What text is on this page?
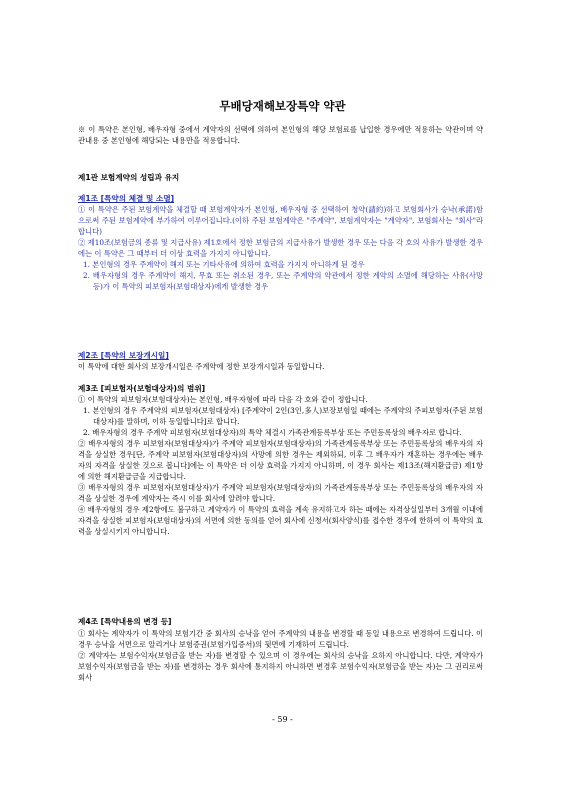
무배당재해보장특약 약관
※ 이 특약은 본인형, 배우자형 중에서 계약자의 선택에 의하여 본인형의 해당 보험료를 납입한 경우에만 적용하는 약관이며 약관내용 중 본인형에 해당되는 내용만을 적용합니다.
제1관 보험계약의 성립과 유지
제1조 [특약의 체결 및 소멸]

① 이 특약은 주된 보험계약을 체결할 때 보험계약자가 본인형, 배우자형 중 선택하여 청약(請約)하고 보험회사가 승낙(承諾)함으로써 주된 보험계약에 부가하여 이루어집니다.(이하 주된 보험계약은 "주계약", 보험계약자는 "계약자", 보험회사는 "회사"라 합니다)

② 제10조(보험금의 종류 및 지급사유) 제1호에서 정한 보험금의 지급사유가 발생한 경우 또는 다음 각 호의 사유가 발생한 경우에는 이 특약은 그 때부터 더 이상 효력을 가지지 아니합니다.

1. 본인형의 경우 주계약이 해지 또는 기타사유에 의하여 효력을 가지지 아니하게 된 경우

2. 배우자형의 경우 주계약이 해지, 무효 또는 취소된 경우, 또는 주계약의 약관에서 정한 계약의 소멸에 해당하는 사유(사망 등)가 이 특약의 피보험자(보험대상자)에게 발생한 경우

제2조 [특약의 보장개시일]

이 특약에 대한 회사의 보장개시일은 주계약에 정한 보장개시일과 동일합니다.

제3조 [피보험자(보험대상자)의 범위]

① 이 특약의 피보험자(보험대상자)는 본인형, 배우자형에 따라 다음 각 호와 같이 정합니다.

1. 본인형의 경우 주계약의 피보험자(보험대상자) [주계약이 2인(3인,多人)보장보험일 때에는 주계약의 주피보험자(주된 보험대상자)를 말하며, 이하 동일합니다]로 합니다.

2. 배우자형의 경우 주계약 피보험자(보험대상자)의 특약 체결시 가족관계등록부상 또는 주민등록상의 배우자로 합니다.

② 배우자형의 경우 피보험자(보험대상자)가 주계약 피보험자(보험대상자)의 가족관계등록부상 또는 주민등록상의 배우자의 자격을 상실한 경우[단, 주계약 피보험자(보험대상자)의 사망에 의한 경우는 제외하되, 이후 그 배우자가 재혼하는 경우에는 배우자의 자격을 상실한 것으로 봅니다]에는 이 특약은 더 이상 효력을 가지지 아니하며, 이 경우 회사는 제13조(해지환급금) 제1항에 의한 해지환급금을 지급합니다.

③ 배우자형의 경우 피보험자(보험대상자)가 주계약 피보험자(보험대상자)의 가족관계등록부상 또는 주민등록상의 배우자의 자격을 상실한 경우에 계약자는 즉시 이를 회사에 알려야 합니다.

④ 배우자형의 경우 제2항에도 불구하고 계약자가 이 특약의 효력을 계속 유지하고자 하는 때에는 자격상실일부터 3개월 이내에 자격을 상실한 피보험자(보험대상자)의 서면에 의한 동의를 얻어 회사에 신청서(회사양식)를 접수한 경우에 한하여 이 특약의 효력을 상실시키지 아니합니다.

제4조 [특약내용의 변경 등]

① 회사는 계약자가 이 특약의 보험기간 중 회사의 승낙을 얻어 주계약의 내용을 변경할 때 동일 내용으로 변경하여 드립니다. 이 경우 승낙을 서면으로 알리거나 보험증권(보험가입증서)의 뒷면에 기재하여 드립니다.

② 계약자는 보험수익자(보험금을 받는 자)를 변경할 수 있으며 이 경우에는 회사의 승낙을 요하지 아니합니다. 다만, 계약자가 보험수익자(보험금을 받는 자)를 변경하는 경우 회사에 통지하지 아니하면 변경후 보험수익자(보험금을 받는 자)는 그 권리로써 회사

- 59 -
